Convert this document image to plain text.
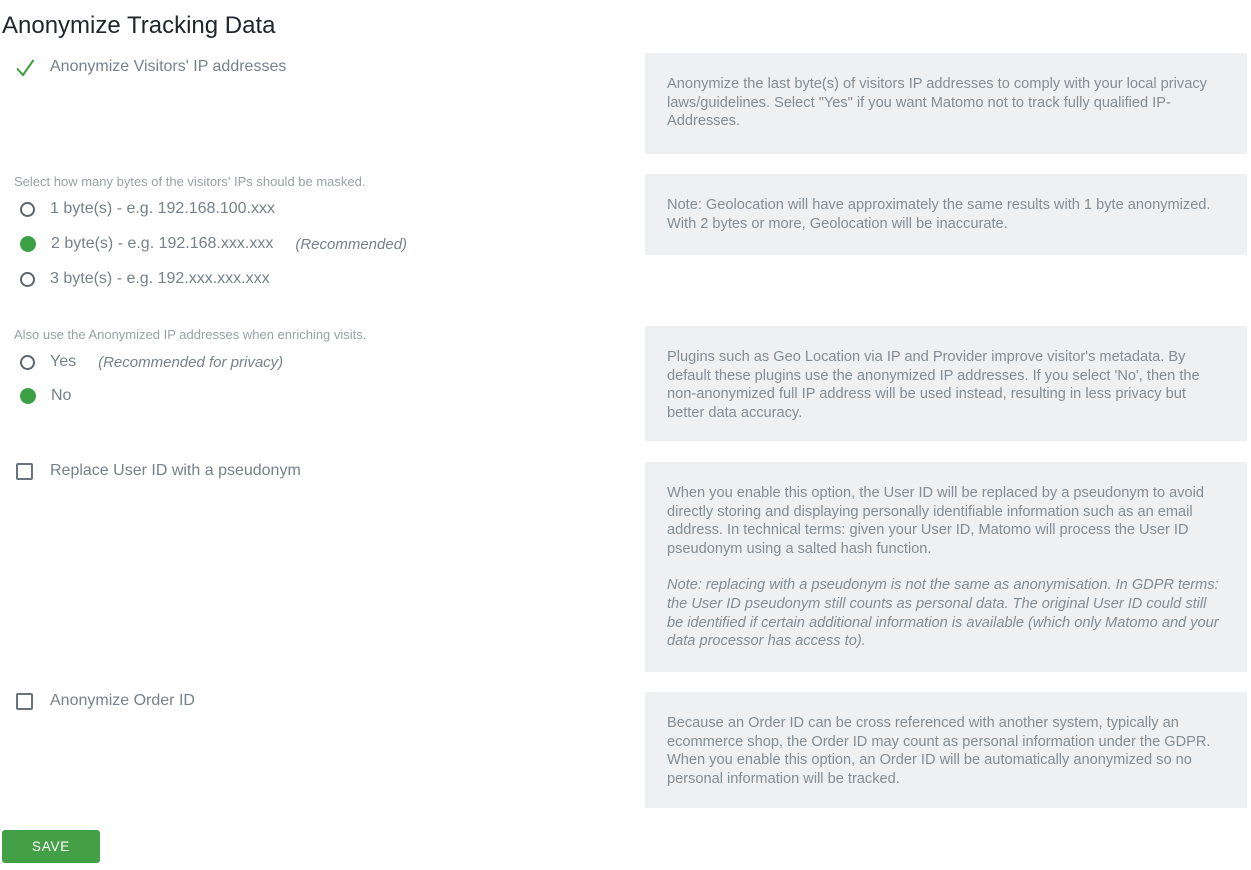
Anonymize Tracking Data
Anonymize Visitors' IP addresses

Anonymize the last byte(s) of visitors IP addresses to comply with your local privacy laws/guidelines. Select "Yes" if you want Matomo not to track fully qualified IP-Addresses.

Select how many bytes of the visitors' IPs should be masked.
1 byte(s) - e.g. 192.168.100.xxx
2 byte(s) - e.g. 192.168.xxx.xxx (Recommended)
3 byte(s) - e.g. 192.xxx.xxx.xxx

Note: Geolocation will have approximately the same results with 1 byte anonymized. With 2 bytes or more, Geolocation will be inaccurate.

Also use the Anonymized IP addresses when enriching visits.
Yes (Recommended for privacy)
No

Plugins such as Geo Location via IP and Provider improve visitor's metadata. By default these plugins use the anonymized IP addresses. If you select 'No', then the non-anonymized full IP address will be used instead, resulting in less privacy but better data accuracy.

Replace User ID with a pseudonym

When you enable this option, the User ID will be replaced by a pseudonym to avoid directly storing and displaying personally identifiable information such as an email address. In technical terms: given your User ID, Matomo will process the User ID pseudonym using a salted hash function.

Note: replacing with a pseudonym is not the same as anonymisation. In GDPR terms: the User ID pseudonym still counts as personal data. The original User ID could still be identified if certain additional information is available (which only Matomo and your data processor has access to).

Anonymize Order ID

Because an Order ID can be cross referenced with another system, typically an ecommerce shop, the Order ID may count as personal information under the GDPR. When you enable this option, an Order ID will be automatically anonymized so no personal information will be tracked.

SAVE
